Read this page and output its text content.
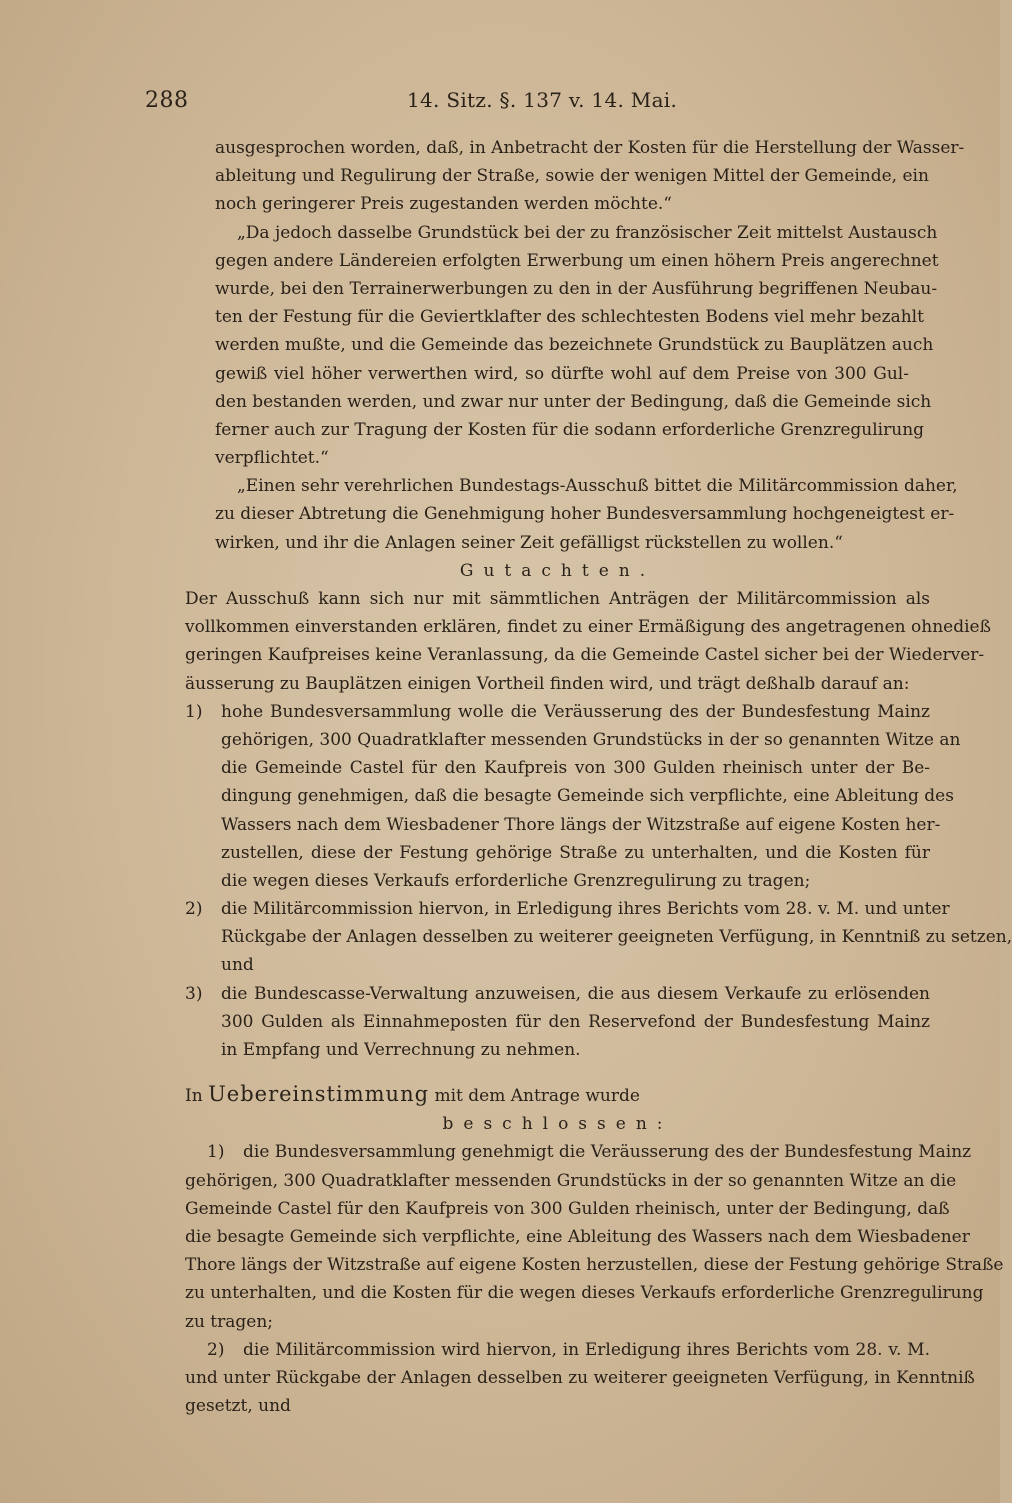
288	14. Sitz. §. 137 v. 14. Mai.
ausgesprochen worden, daß, in Anbetracht der Kosten für die Herstellung der Wasser-
ableitung und Regulirung der Straße, sowie der wenigen Mittel der Gemeinde, ein
noch geringerer Preis zugestanden werden möchte.“
„Da jedoch dasselbe Grundstück bei der zu französischer Zeit mittelst Austausch
gegen andere Ländereien erfolgten Erwerbung um einen höhern Preis angerechnet
wurde, bei den Terrainerwerbungen zu den in der Ausführung begriffenen Neubau-
ten der Festung für die Geviertklafter des schlechtesten Bodens viel mehr bezahlt
werden mußte, und die Gemeinde das bezeichnete Grundstück zu Bauplätzen auch
gewiß viel höher verwerthen wird, so dürfte wohl auf dem Preise von 300 Gul-
den bestanden werden, und zwar nur unter der Bedingung, daß die Gemeinde sich
ferner auch zur Tragung der Kosten für die sodann erforderliche Grenzregulirung
verpflichtet.“
„Einen sehr verehrlichen Bundestags-Ausschuß bittet die Militärcommission daher,
zu dieser Abtretung die Genehmigung hoher Bundesversammlung hochgeneigtest er-
wirken, und ihr die Anlagen seiner Zeit gefälligst rückstellen zu wollen.“
Gutachten.
Der Ausschuß kann sich nur mit sämmtlichen Anträgen der Militärcommission als
vollkommen einverstanden erklären, findet zu einer Ermäßigung des angetragenen ohnedieß
geringen Kaufpreises keine Veranlassung, da die Gemeinde Castel sicher bei der Wiederver-
äusserung zu Bauplätzen einigen Vortheil finden wird, und trägt deßhalb darauf an:
1) hohe Bundesversammlung wolle die Veräusserung des der Bundesfestung Mainz
gehörigen, 300 Quadratklafter messenden Grundstücks in der so genannten Witze an
die Gemeinde Castel für den Kaufpreis von 300 Gulden rheinisch unter der Be-
dingung genehmigen, daß die besagte Gemeinde sich verpflichte, eine Ableitung des
Wassers nach dem Wiesbadener Thore längs der Witzstraße auf eigene Kosten her-
zustellen, diese der Festung gehörige Straße zu unterhalten, und die Kosten für
die wegen dieses Verkaufs erforderliche Grenzregulirung zu tragen;
2) die Militärcommission hiervon, in Erledigung ihres Berichts vom 28. v. M. und unter
Rückgabe der Anlagen desselben zu weiterer geeigneten Verfügung, in Kenntniß zu setzen,
und
3) die Bundescasse-Verwaltung anzuweisen, die aus diesem Verkaufe zu erlösenden
300 Gulden als Einnahmeposten für den Reservefond der Bundesfestung Mainz
in Empfang und Verrechnung zu nehmen.
In Uebereinstimmung mit dem Antrage wurde
beschlossen:
1) die Bundesversammlung genehmigt die Veräusserung des der Bundesfestung Mainz
gehörigen, 300 Quadratklafter messenden Grundstücks in der so genannten Witze an die
Gemeinde Castel für den Kaufpreis von 300 Gulden rheinisch, unter der Bedingung, daß
die besagte Gemeinde sich verpflichte, eine Ableitung des Wassers nach dem Wiesbadener
Thore längs der Witzstraße auf eigene Kosten herzustellen, diese der Festung gehörige Straße
zu unterhalten, und die Kosten für die wegen dieses Verkaufs erforderliche Grenzregulirung
zu tragen;
2) die Militärcommission wird hiervon, in Erledigung ihres Berichts vom 28. v. M.
und unter Rückgabe der Anlagen desselben zu weiterer geeigneten Verfügung, in Kenntniß
gesetzt, und
